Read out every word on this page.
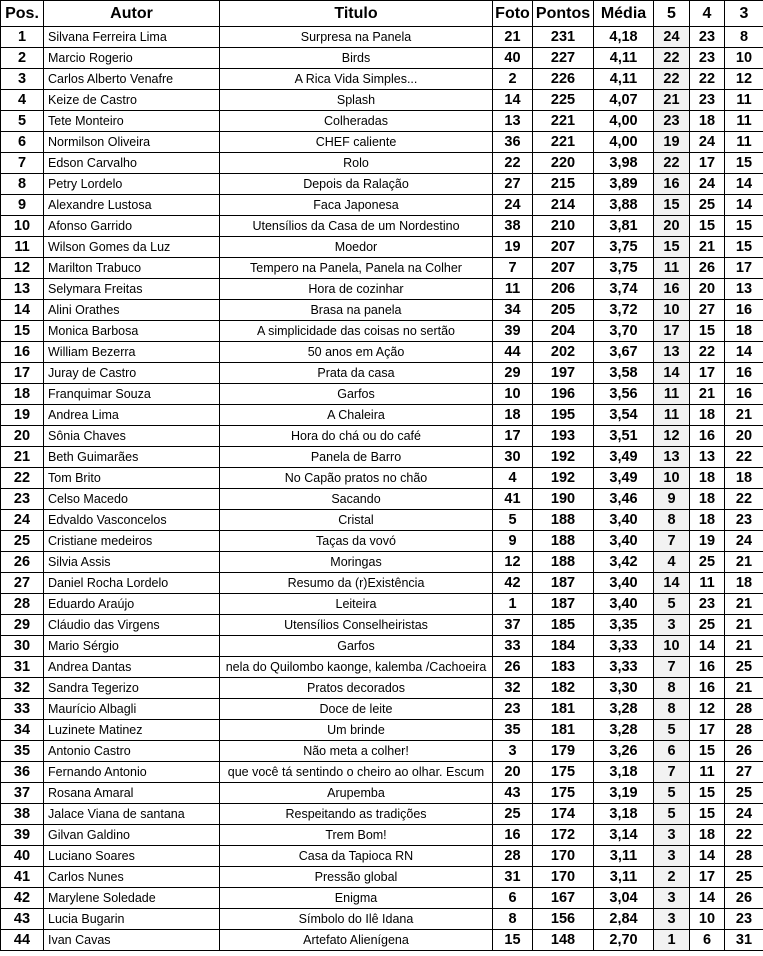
Pos.	Autor	Titulo	Foto	Pontos	Média	5	4	3
1	Silvana Ferreira Lima	Surpresa na Panela	21	231	4,18	24	23	8
2	Marcio Rogerio	Birds	40	227	4,11	22	23	10
3	Carlos Alberto Venafre	A Rica Vida Simples...	2	226	4,11	22	22	12
4	Keize de Castro	Splash	14	225	4,07	21	23	11
5	Tete Monteiro	Colheradas	13	221	4,00	23	18	11
6	Normilson Oliveira	CHEF caliente	36	221	4,00	19	24	11
7	Edson Carvalho	Rolo	22	220	3,98	22	17	15
8	Petry Lordelo	Depois da Ralação	27	215	3,89	16	24	14
9	Alexandre Lustosa	Faca Japonesa	24	214	3,88	15	25	14
10	Afonso Garrido	Utensílios da Casa de um Nordestino	38	210	3,81	20	15	15
11	Wilson Gomes da Luz	Moedor	19	207	3,75	15	21	15
12	Marilton Trabuco	Tempero na Panela, Panela na Colher	7	207	3,75	11	26	17
13	Selymara Freitas	Hora de cozinhar	11	206	3,74	16	20	13
14	Alini Orathes	Brasa na panela	34	205	3,72	10	27	16
15	Monica Barbosa	A simplicidade das coisas no sertão	39	204	3,70	17	15	18
16	William Bezerra	50 anos em Ação	44	202	3,67	13	22	14
17	Juray de Castro	Prata da casa	29	197	3,58	14	17	16
18	Franquimar Souza	Garfos	10	196	3,56	11	21	16
19	Andrea Lima	A Chaleira	18	195	3,54	11	18	21
20	Sônia Chaves	Hora do chá ou do café	17	193	3,51	12	16	20
21	Beth Guimarães	Panela de Barro	30	192	3,49	13	13	22
22	Tom Brito	No Capão pratos no chão	4	192	3,49	10	18	18
23	Celso Macedo	Sacando	41	190	3,46	9	18	22
24	Edvaldo Vasconcelos	Cristal	5	188	3,40	8	18	23
25	Cristiane medeiros	Taças da vovó	9	188	3,40	7	19	24
26	Silvia Assis	Moringas	12	188	3,42	4	25	21
27	Daniel Rocha Lordelo	Resumo da (r)Existência	42	187	3,40	14	11	18
28	Eduardo Araújo	Leiteira	1	187	3,40	5	23	21
29	Cláudio das Virgens	Utensílios Conselheiristas	37	185	3,35	3	25	21
30	Mario Sérgio	Garfos	33	184	3,33	10	14	21
31	Andrea Dantas	nela do Quilombo kaonge, kalemba /Cachoeira	26	183	3,33	7	16	25
32	Sandra Tegerizo	Pratos decorados	32	182	3,30	8	16	21
33	Maurício Albagli	Doce de leite	23	181	3,28	8	12	28
34	Luzinete Matinez	Um brinde	35	181	3,28	5	17	28
35	Antonio Castro	Não meta a colher!	3	179	3,26	6	15	26
36	Fernando Antonio	que você tá sentindo o cheiro ao olhar. Escum	20	175	3,18	7	11	27
37	Rosana Amaral	Arupemba	43	175	3,19	5	15	25
38	Jalace Viana de santana	Respeitando as tradições	25	174	3,18	5	15	24
39	Gilvan Galdino	Trem Bom!	16	172	3,14	3	18	22
40	Luciano Soares	Casa da Tapioca RN	28	170	3,11	3	14	28
41	Carlos Nunes	Pressão global	31	170	3,11	2	17	25
42	Marylene Soledade	Enigma	6	167	3,04	3	14	26
43	Lucia Bugarin	Símbolo do Ilê Idana	8	156	2,84	3	10	23
44	Ivan Cavas	Artefato Alienígena	15	148	2,70	1	6	31
